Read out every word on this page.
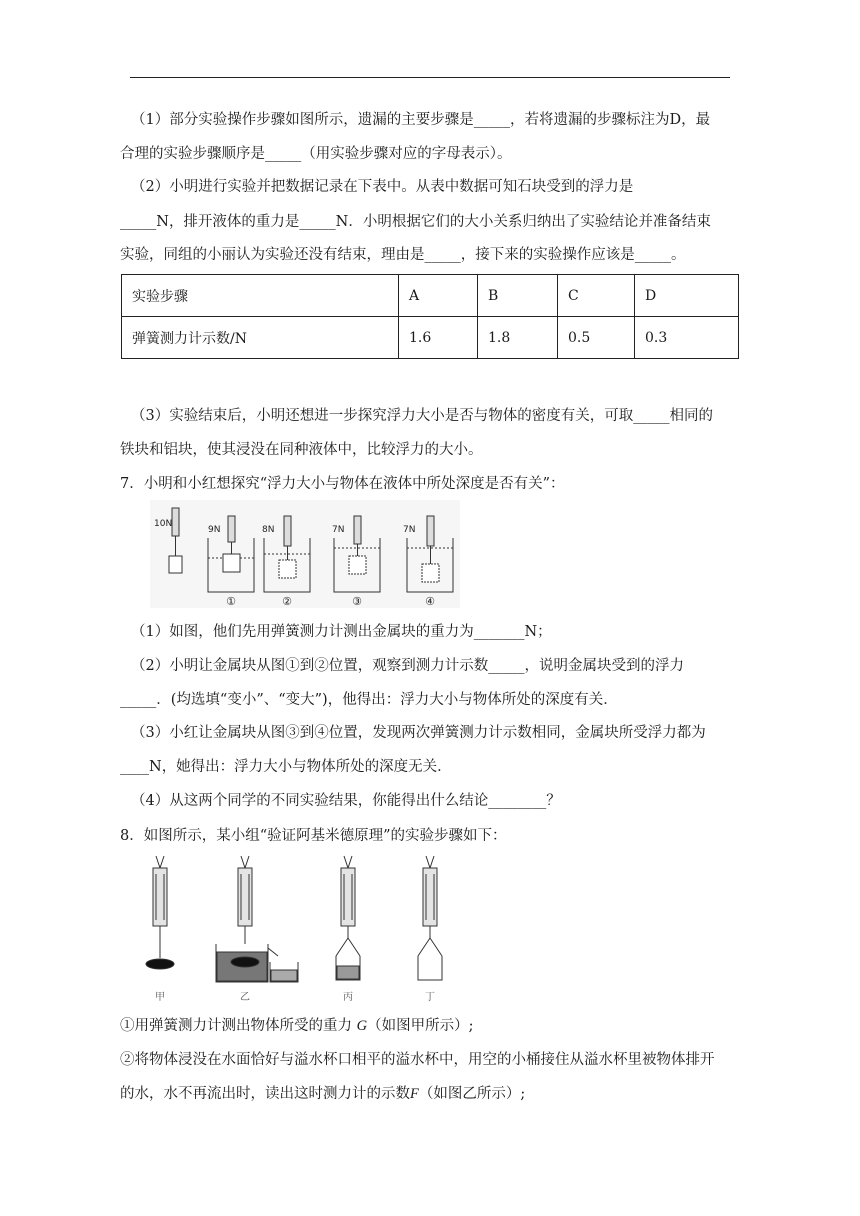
（1）部分实验操作步骤如图所示，遗漏的主要步骤是_____，若将遗漏的步骤标注为D，最
合理的实验步骤顺序是_____（用实验步骤对应的字母表示）。
（2）小明进行实验并把数据记录在下表中。从表中数据可知石块受到的浮力是
_____N，排开液体的重力是_____N．小明根据它们的大小关系归纳出了实验结论并准备结束
实验，同组的小丽认为实验还没有结束，理由是_____，接下来的实验操作应该是_____。
实验步骤	A	B	C	D
弹簧测力计示数/N	1.6	1.8	0.5	0.3
（3）实验结束后，小明还想进一步探究浮力大小是否与物体的密度有关，可取_____相同的
铁块和铝块，使其浸没在同种液体中，比较浮力的大小。
7．小明和小红想探究“浮力大小与物体在液体中所处深度是否有关”：
10N
9N	8N	7N	7N
①	②	③	④
（1）如图，他们先用弹簧测力计测出金属块的重力为_______N；
（2）小明让金属块从图①到②位置，观察到测力计示数_____，说明金属块受到的浮力
_____．(均选填“变小”、“变大”)，他得出：浮力大小与物体所处的深度有关．
（3）小红让金属块从图③到④位置，发现两次弹簧测力计示数相同，金属块所受浮力都为
____N，她得出：浮力大小与物体所处的深度无关．
（4）从这两个同学的不同实验结果，你能得出什么结论________？
8．如图所示，某小组“验证阿基米德原理”的实验步骤如下：
甲	乙	丙	丁
①用弹簧测力计测出物体所受的重力 G（如图甲所示）;
②将物体浸没在水面恰好与溢水杯口相平的溢水杯中，用空的小桶接住从溢水杯里被物体排开
的水，水不再流出时，读出这时测力计的示数F（如图乙所示）;
